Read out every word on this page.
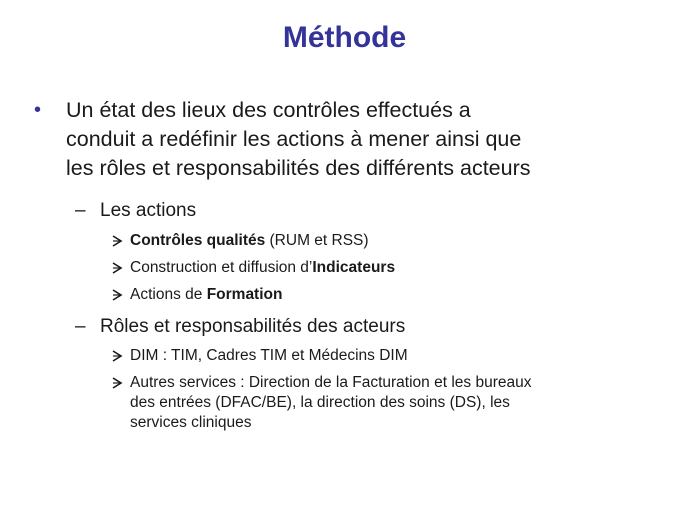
Méthode
• Un état des lieux des contrôles effectués a
conduit a redéfinir les actions à mener ainsi que
les rôles et responsabilités des différents acteurs
– Les actions
Contrôles qualités (RUM et RSS)
Construction et diffusion d’Indicateurs
Actions de Formation
– Rôles et responsabilités des acteurs
DIM : TIM, Cadres TIM et Médecins DIM
Autres services : Direction de la Facturation et les bureaux
des entrées (DFAC/BE), la direction des soins (DS), les
services cliniques
